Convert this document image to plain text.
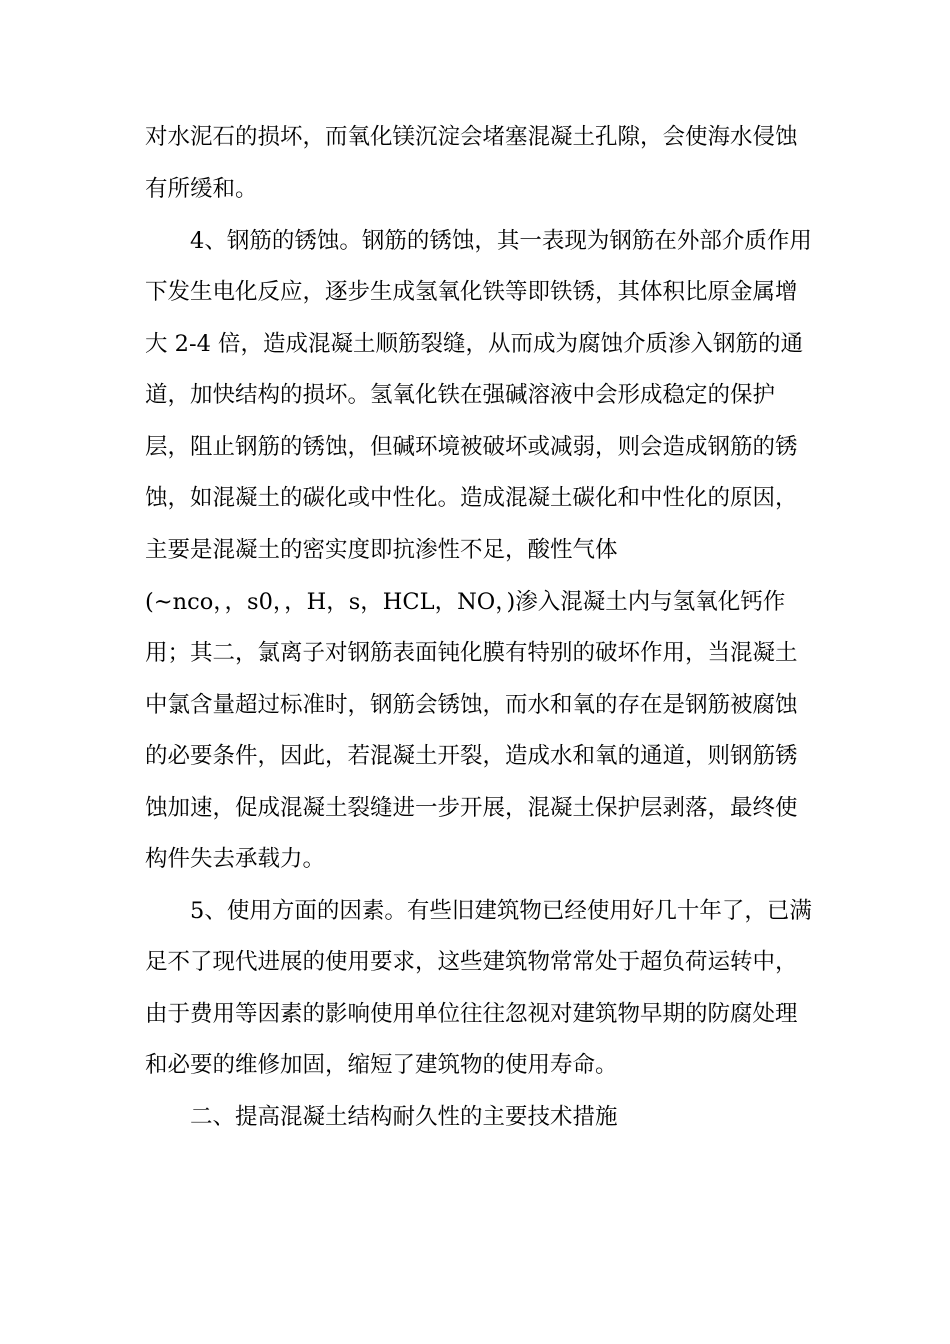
对水泥石的损坏，而氧化镁沉淀会堵塞混凝土孔隙，会使海水侵蚀

有所缓和。

4、钢筋的锈蚀。钢筋的锈蚀，其一表现为钢筋在外部介质作用

下发生电化反应，逐步生成氢氧化铁等即铁锈，其体积比原金属增

大 2-4 倍，造成混凝土顺筋裂缝，从而成为腐蚀介质渗入钢筋的通

道，加快结构的损坏。氢氧化铁在强碱溶液中会形成稳定的保护

层，阻止钢筋的锈蚀，但碱环境被破坏或减弱，则会造成钢筋的锈

蚀，如混凝土的碳化或中性化。造成混凝土碳化和中性化的原因，

主要是混凝土的密实度即抗渗性不足，酸性气体

(~nco，，s0，，H，s，HCL，NO，)渗入混凝土内与氢氧化钙作

用；其二，氯离子对钢筋表面钝化膜有特别的破坏作用，当混凝土

中氯含量超过标准时，钢筋会锈蚀，而水和氧的存在是钢筋被腐蚀

的必要条件，因此，若混凝土开裂，造成水和氧的通道，则钢筋锈

蚀加速，促成混凝土裂缝进一步开展，混凝土保护层剥落，最终使

构件失去承载力。

5、使用方面的因素。有些旧建筑物已经使用好几十年了，已满

足不了现代进展的使用要求，这些建筑物常常处于超负荷运转中，

由于费用等因素的影响使用单位往往忽视对建筑物早期的防腐处理

和必要的维修加固，缩短了建筑物的使用寿命。

二、提高混凝土结构耐久性的主要技术措施
